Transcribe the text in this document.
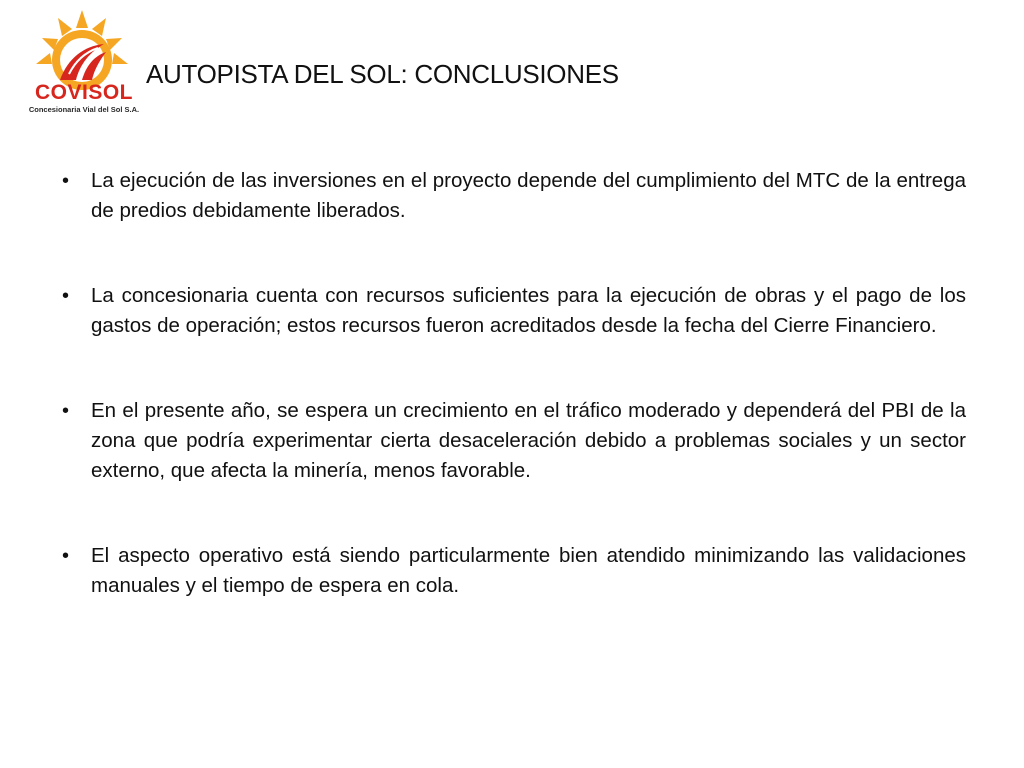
COVISOL
Concesionaria Vial del Sol S.A.
AUTOPISTA DEL SOL: CONCLUSIONES
• La ejecución de las inversiones en el proyecto depende del cumplimiento del MTC de la entrega de predios debidamente liberados.
• La concesionaria cuenta con recursos suficientes para la ejecución de obras y el pago de los gastos de operación; estos recursos fueron acreditados desde la fecha del Cierre Financiero.
• En el presente año, se espera un crecimiento en el tráfico moderado y dependerá del PBI de la zona que podría experimentar cierta desaceleración debido a problemas sociales y un sector externo, que afecta la minería, menos favorable.
• El aspecto operativo está siendo particularmente bien atendido minimizando las validaciones manuales y el tiempo de espera en cola.
